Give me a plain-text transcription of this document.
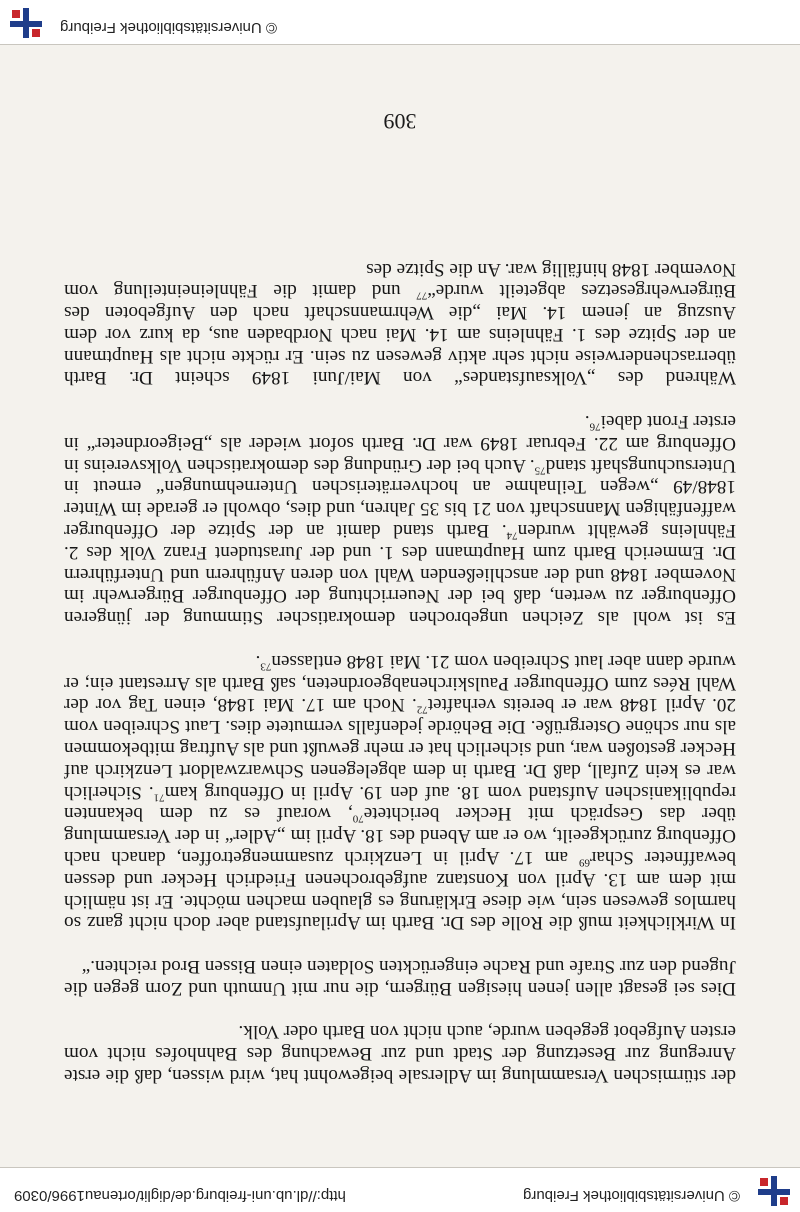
© Universitätsbibliothek Freiburg
http://dl.ub.uni-freiburg.de/diglit/ortenau1996/0309

der stürmischen Versammlung im Adlersale beigewohnt hat, wird wissen, daß die erste Anregung zur Besetzung der Stadt und zur Bewachung des Bahnhofes nicht vom ersten Aufgebot gegeben wurde, auch nicht von Barth oder Volk.

Dies sei gesagt allen jenen hiesigen Bürgern, die nur mit Unmuth und Zorn gegen die Jugend den zur Strafe und Rache eingerückten Soldaten einen Bissen Brod reichten.“

In Wirklichkeit muß die Rolle des Dr. Barth im Aprilaufstand aber doch nicht ganz so harmlos gewesen sein, wie diese Erklärung es glauben machen möchte. Er ist nämlich mit dem am 13. April von Konstanz aufgebrochenen Friedrich Hecker und dessen bewaffneter Schar$^{69}$ am 17. April in Lenzkirch zusammengetroffen, danach nach Offenburg zurückgeeilt, wo er am Abend des 18. April im „Adler“ in der Versammlung über das Gespräch mit Hecker berichtete$^{70}$, worauf es zu dem bekannten republikanischen Aufstand vom 18. auf den 19. April in Offenburg kam$^{71}$. Sicherlich war es kein Zufall, daß Dr. Barth in dem abgelegenen Schwarzwaldort Lenzkirch auf Hecker gestoßen war, und sicherlich hat er mehr gewußt und als Auftrag mitbekommen als nur schöne Ostergrüße. Die Behörde jedenfalls vermutete dies. Laut Schreiben vom 20. April 1848 war er bereits verhaftet$^{72}$. Noch am 17. Mai 1848, einen Tag vor der Wahl Rées zum Offenburger Paulskirchenabgeordneten, saß Barth als Arrestant ein; er wurde dann aber laut Schreiben vom 21. Mai 1848 entlassen$^{73}$.

Es ist wohl als Zeichen ungebrochen demokratischer Stimmung der jüngeren Offenburger zu werten, daß bei der Neuerrichtung der Offenburger Bürgerwehr im November 1848 und der anschließenden Wahl von deren Anführern und Unterführern Dr. Emmerich Barth zum Hauptmann des 1. und der Jurastudent Franz Volk des 2. Fähnleins gewählt wurden$^{74}$. Barth stand damit an der Spitze der Offenburger waffenfähigen Mannschaft von 21 bis 35 Jahren, und dies, obwohl er gerade im Winter 1848/49 „wegen Teilnahme an hochverräterischen Unternehmungen“ erneut in Untersuchungshaft stand$^{75}$. Auch bei der Gründung des demokratischen Volksvereins in Offenburg am 22. Februar 1849 war Dr. Barth sofort wieder als „Beigeordneter“ in erster Front dabei$^{76}$.

Während des „Volksaufstandes“ von Mai/Juni 1849 scheint Dr. Barth überraschenderweise nicht sehr aktiv gewesen zu sein. Er rückte nicht als Hauptmann an der Spitze des 1. Fähnleins am 14. Mai nach Nordbaden aus, da kurz vor dem Auszug an jenem 14. Mai „die Wehrmannschaft nach den Aufgeboten des Bürgerwehrgesetzes abgeteilt wurde“$^{77}$ und damit die Fähnleineinteilung vom November 1848 hinfällig war. An die Spitze des

309
© Universitätsbibliothek Freiburg
